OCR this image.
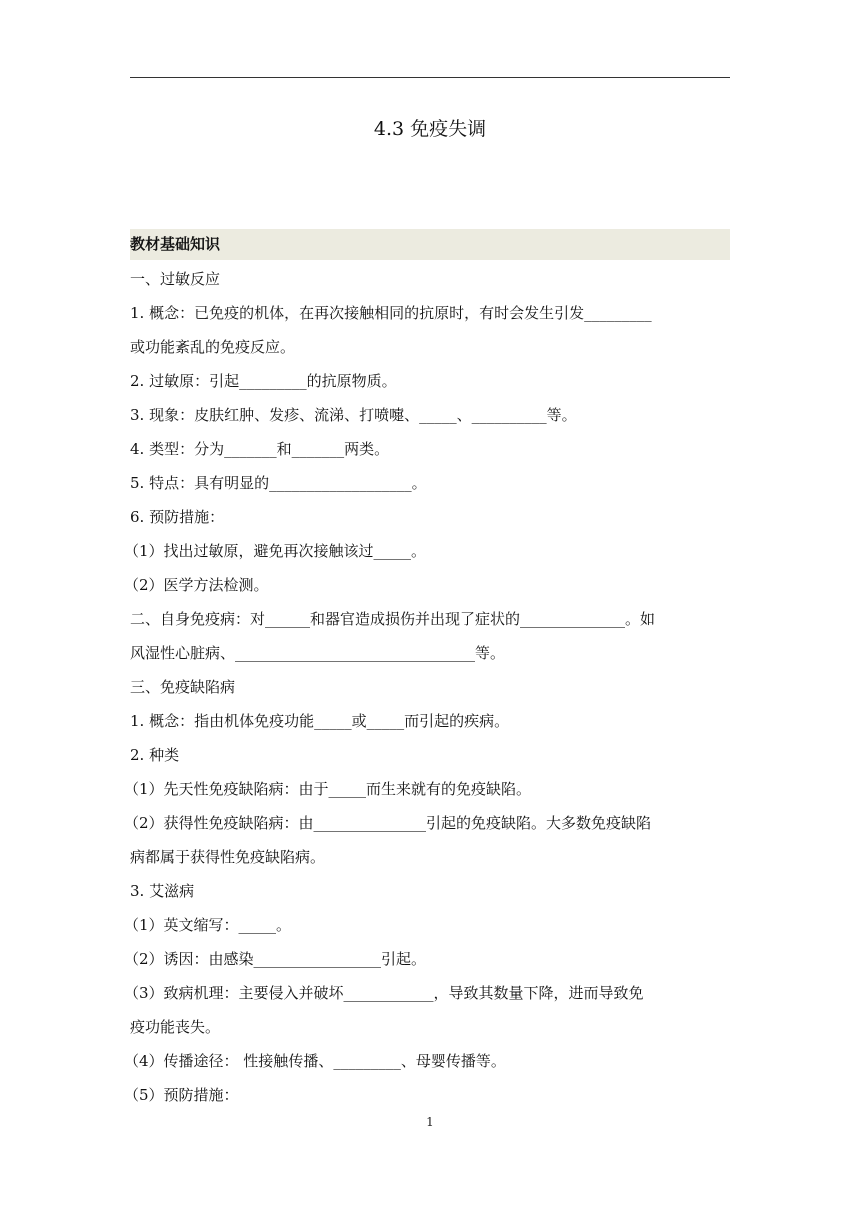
4.3 免疫失调
教材基础知识
一、过敏反应
1. 概念：已免疫的机体，在再次接触相同的抗原时，有时会发生引发_________
或功能紊乱的免疫反应。
2. 过敏原：引起_________的抗原物质。
3. 现象：皮肤红肿、发疹、流涕、打喷嚏、_____、__________等。
4. 类型：分为_______和_______两类。
5. 特点：具有明显的___________________。
6. 预防措施：
（1）找出过敏原，避免再次接触该过_____。
（2）医学方法检测。
二、自身免疫病：对______和器官造成损伤并出现了症状的______________。如
风湿性心脏病、________________________________等。
三、免疫缺陷病
1. 概念：指由机体免疫功能_____或_____而引起的疾病。
2. 种类
（1）先天性免疫缺陷病：由于_____而生来就有的免疫缺陷。
（2）获得性免疫缺陷病：由_______________引起的免疫缺陷。大多数免疫缺陷
病都属于获得性免疫缺陷病。
3. 艾滋病
（1）英文缩写：_____。
（2）诱因：由感染_________________引起。
（3）致病机理：主要侵入并破坏____________，导致其数量下降，进而导致免
疫功能丧失。
（4）传播途径： 性接触传播、_________、母婴传播等。
（5）预防措施：
1
